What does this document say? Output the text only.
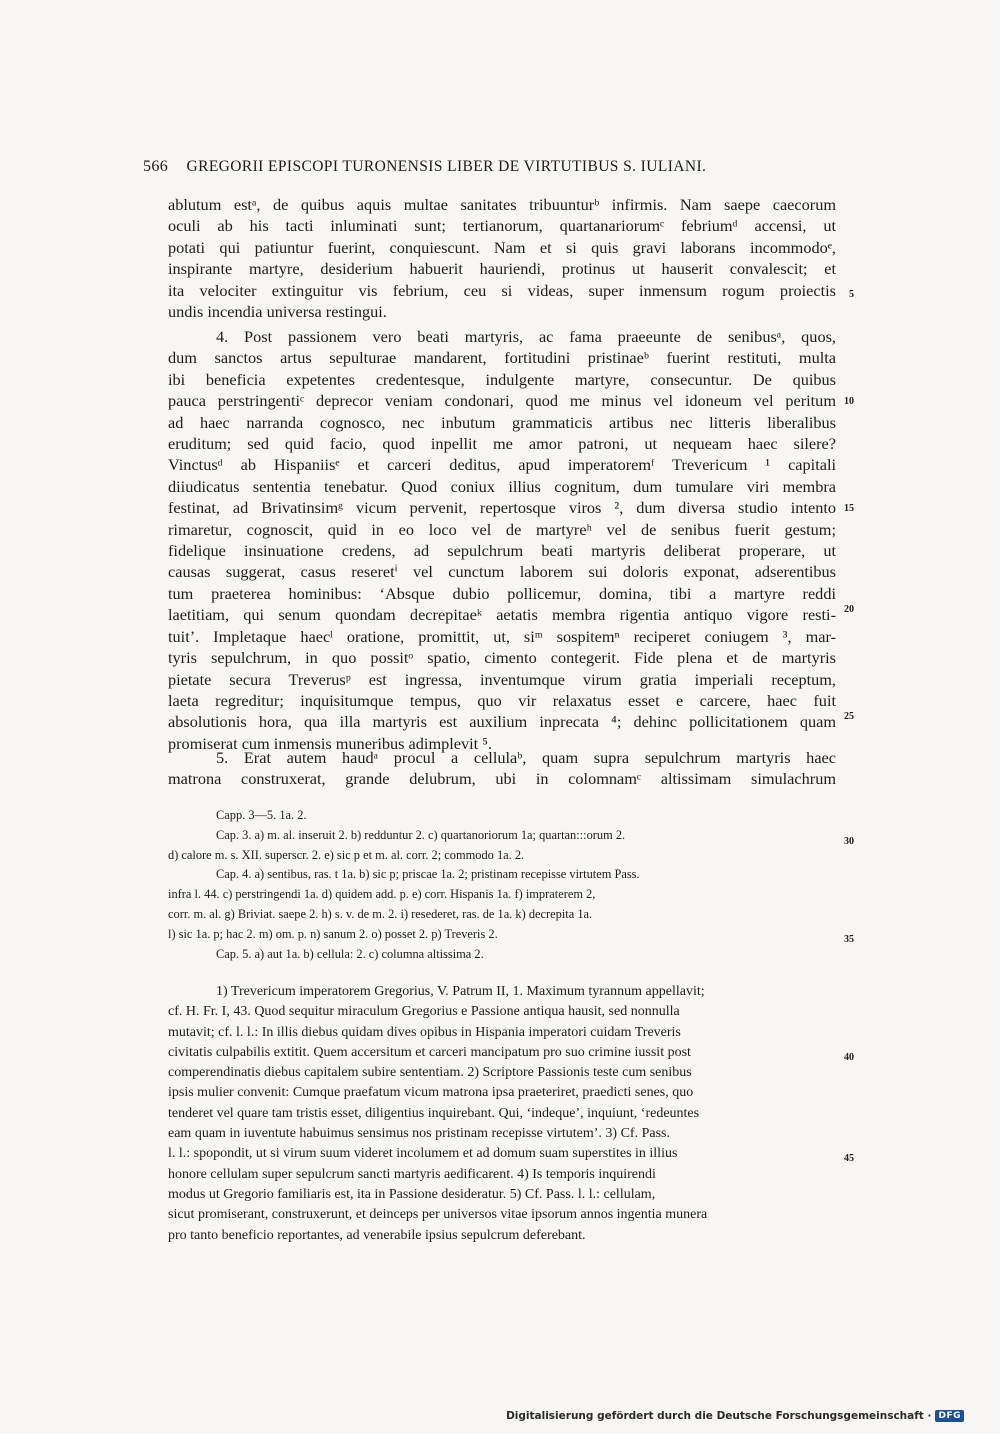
566 GREGORII EPISCOPI TURONENSIS LIBER DE VIRTUTIBUS S. IULIANI.
ablutum estᵃ, de quibus aquis multae sanitates tribuunturᵇ infirmis. Nam saepe caecorum
oculi ab his tacti inluminati sunt; tertianorum, quartanariorumᶜ febriumᵈ accensi, ut
potati qui patiuntur fuerint, conquiescunt. Nam et si quis gravi laborans incommodoᵉ,
inspirante martyre, desiderium habuerit hauriendi, protinus ut hauserit convalescit; et
ita velociter extinguitur vis febrium, ceu si videas, super inmensum rogum proiectis
undis incendia universa restingui.
4. Post passionem vero beati martyris, ac fama praeeunte de senibusᵃ, quos,
dum sanctos artus sepulturae mandarent, fortitudini pristinaeᵇ fuerint restituti, multa
ibi beneficia expetentes credentesque, indulgente martyre, consecuntur. De quibus
pauca perstringentiᶜ deprecor veniam condonari, quod me minus vel idoneum vel peritum
ad haec narranda cognosco, nec inbutum grammaticis artibus nec litteris liberalibus
eruditum; sed quid facio, quod inpellit me amor patroni, ut nequeam haec silere?
Vinctusᵈ ab Hispaniisᵉ et carceri deditus, apud imperatoremᶠ Trevericum ¹ capitali
diiudicatus sententia tenebatur. Quod coniux illius cognitum, dum tumulare viri membra
festinat, ad Brivatinsimᵍ vicum pervenit, repertosque viros ², dum diversa studio intento
rimaretur, cognoscit, quid in eo loco vel de martyreʰ vel de senibus fuerit gestum;
fidelique insinuatione credens, ad sepulchrum beati martyris deliberat properare, ut
causas suggerat, casus reseretⁱ vel cunctum laborem sui doloris exponat, adserentibus
tum praeterea hominibus: ‘Absque dubio pollicemur, domina, tibi a martyre reddi
laetitiam, qui senum quondam decrepitaeᵏ aetatis membra rigentia antiquo vigore resti-
tuit’. Impletaque haecˡ oratione, promittit, ut, siᵐ sospitemⁿ reciperet coniugem ³, mar-
tyris sepulchrum, in quo possitᵒ spatio, cimento contegerit. Fide plena et de martyris
pietate secura Treverusᵖ est ingressa, inventumque virum gratia imperiali receptum,
laeta regreditur; inquisitumque tempus, quo vir relaxatus esset e carcere, haec fuit
absolutionis hora, qua illa martyris est auxilium inprecata ⁴; dehinc pollicitationem quam
promiserat cum inmensis muneribus adimplevit ⁵.
5. Erat autem haudᵃ procul a cellulaᵇ, quam supra sepulchrum martyris haec
matrona construxerat, grande delubrum, ubi in colomnamᶜ altissimam simulachrum
5
10
15
20
25
Capp. 3—5. 1a. 2.
Cap. 3. a) m. al. inseruit 2. b) redduntur 2. c) quartanoriorum 1a; quartan:::orum 2.
d) calore m. s. XII. superscr. 2. e) sic p et m. al. corr. 2; commodo 1a. 2.
Cap. 4. a) sentibus, ras. t 1a. b) sic p; priscae 1a. 2; pristinam recepisse virtutem Pass.
infra l. 44. c) perstringendi 1a. d) quidem add. p. e) corr. Hispanis 1a. f) impraterem 2,
corr. m. al. g) Briviat. saepe 2. h) s. v. de m. 2. i) resederet, ras. de 1a. k) decrepita 1a.
l) sic 1a. p; hac 2. m) om. p. n) sanum 2. o) posset 2. p) Treveris 2.
Cap. 5. a) aut 1a. b) cellula: 2. c) columna altissima 2.
30
35
1) Trevericum imperatorem Gregorius, V. Patrum II, 1. Maximum tyrannum appellavit;
cf. H. Fr. I, 43. Quod sequitur miraculum Gregorius e Passione antiqua hausit, sed nonnulla
mutavit; cf. l. l.: In illis diebus quidam dives opibus in Hispania imperatori cuidam Treveris
civitatis culpabilis extitit. Quem accersitum et carceri mancipatum pro suo crimine iussit post
comperendinatis diebus capitalem subire sententiam. 2) Scriptore Passionis teste cum senibus
ipsis mulier convenit: Cumque praefatum vicum matrona ipsa praeteriret, praedicti senes, quo
tenderet vel quare tam tristis esset, diligentius inquirebant. Qui, ‘indeque’, inquiunt, ‘redeuntes
eam quam in iuventute habuimus sensimus nos pristinam recepisse virtutem’. 3) Cf. Pass.
l. l.: spopondit, ut si virum suum videret incolumem et ad domum suam superstites in illius
honore cellulam super sepulcrum sancti martyris aedificarent. 4) Is temporis inquirendi
modus ut Gregorio familiaris est, ita in Passione desideratur. 5) Cf. Pass. l. l.: cellulam,
sicut promiserant, construxerunt, et deinceps per universos vitae ipsorum annos ingentia munera
pro tanto beneficio reportantes, ad venerabile ipsius sepulcrum deferebant.
40
45
Digitalisierung gefördert durch die Deutsche Forschungsgemeinschaft · DFG
